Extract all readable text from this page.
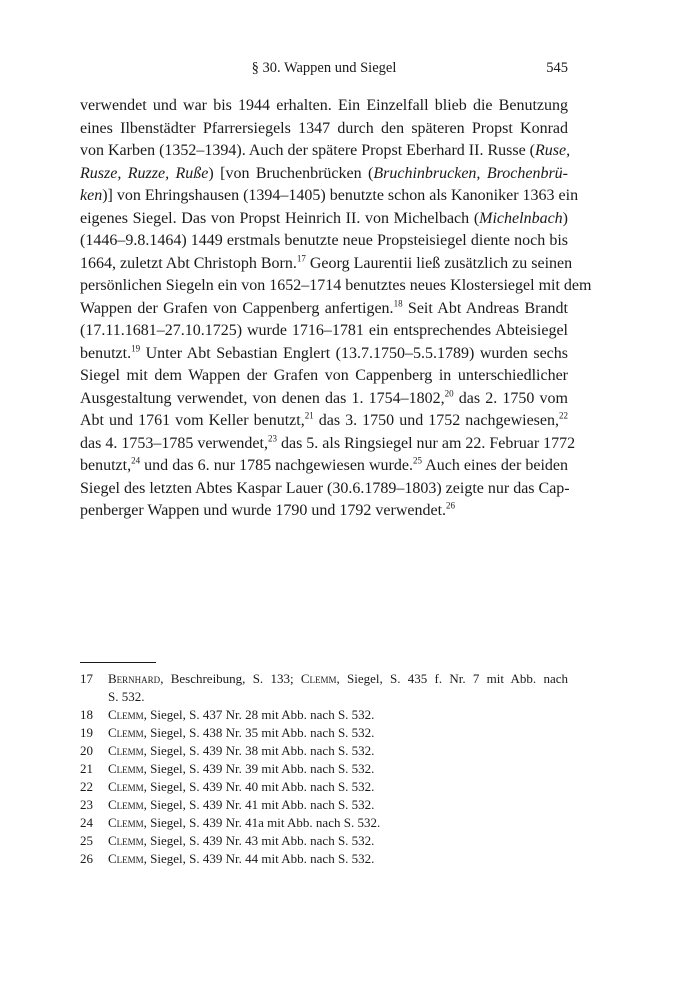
§ 30. Wappen und Siegel	545
verwendet und war bis 1944 erhalten. Ein Einzelfall blieb die Benutzung
eines Ilbenstädter Pfarrersiegels 1347 durch den späteren Propst Konrad
von Karben (1352–1394). Auch der spätere Propst Eberhard II. Russe (Ruse,
Rusze, Ruzze, Ruße) [von Bruchenbrücken (Bruchinbrucken, Brochenbrü-
ken)] von Ehringshausen (1394–1405) benutzte schon als Kanoniker 1363 ein
eigenes Siegel. Das von Propst Heinrich II. von Michelbach (Michelnbach)
(1446–9.8.1464) 1449 erstmals benutzte neue Propsteisiegel diente noch bis
1664, zuletzt Abt Christoph Born.$^{17}$ Georg Laurentii ließ zusätzlich zu seinen
persönlichen Siegeln ein von 1652–1714 benutztes neues Klostersiegel mit dem
Wappen der Grafen von Cappenberg anfertigen.$^{18}$ Seit Abt Andreas Brandt
(17.11.1681–27.10.1725) wurde 1716–1781 ein entsprechendes Abteisiegel
benutzt.$^{19}$ Unter Abt Sebastian Englert (13.7.1750–5.5.1789) wurden sechs
Siegel mit dem Wappen der Grafen von Cappenberg in unterschiedlicher
Ausgestaltung verwendet, von denen das 1. 1754–1802,20 das 2. 1750 vom
Abt und 1761 vom Keller benutzt,$^{21}$ das 3. 1750 und 1752 nachgewiesen,$^{22}$
das 4. 1753–1785 verwendet,$^{23}$ das 5. als Ringsiegel nur am 22. Februar 1772
benutzt,$^{24}$ und das 6. nur 1785 nachgewiesen wurde.$^{25}$ Auch eines der beiden
Siegel des letzten Abtes Kaspar Lauer (30.6.1789–1803) zeigte nur das Cap-
penberger Wappen und wurde 1790 und 1792 verwendet.$^{26}$
17 Bernhard, Beschreibung, S. 133; Clemm, Siegel, S. 435 f. Nr. 7 mit Abb. nach
S. 532.
18 Clemm, Siegel, S. 437 Nr. 28 mit Abb. nach S. 532.
19 Clemm, Siegel, S. 438 Nr. 35 mit Abb. nach S. 532.
20 Clemm, Siegel, S. 439 Nr. 38 mit Abb. nach S. 532.
21 Clemm, Siegel, S. 439 Nr. 39 mit Abb. nach S. 532.
22 Clemm, Siegel, S. 439 Nr. 40 mit Abb. nach S. 532.
23 Clemm, Siegel, S. 439 Nr. 41 mit Abb. nach S. 532.
24 Clemm, Siegel, S. 439 Nr. 41a mit Abb. nach S. 532.
25 Clemm, Siegel, S. 439 Nr. 43 mit Abb. nach S. 532.
26 Clemm, Siegel, S. 439 Nr. 44 mit Abb. nach S. 532.
